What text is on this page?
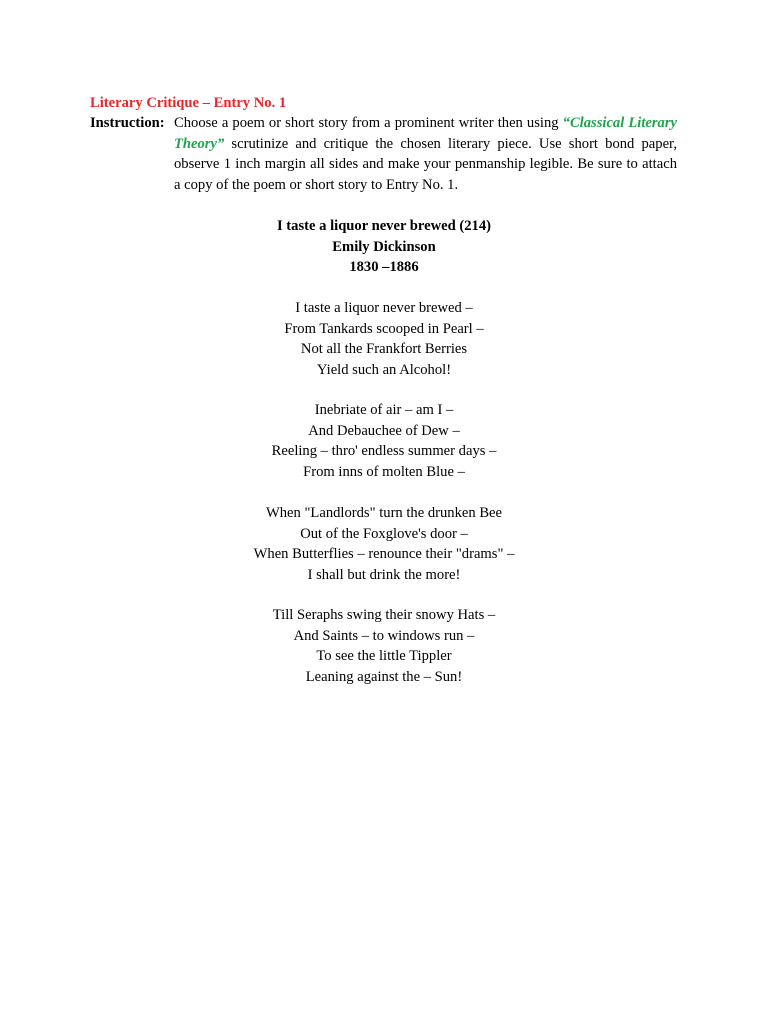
Literary Critique – Entry No. 1
Instruction: Choose a poem or short story from a prominent writer then using “Classical Literary Theory” scrutinize and critique the chosen literary piece. Use short bond paper, observe 1 inch margin all sides and make your penmanship legible. Be sure to attach a copy of the poem or short story to Entry No. 1.
I taste a liquor never brewed (214)
Emily Dickinson
1830 –1886
I taste a liquor never brewed –
From Tankards scooped in Pearl –
Not all the Frankfort Berries
Yield such an Alcohol!
Inebriate of air – am I –
And Debauchee of Dew –
Reeling – thro' endless summer days –
From inns of molten Blue –
When "Landlords" turn the drunken Bee
Out of the Foxglove's door –
When Butterflies – renounce their "drams" –
I shall but drink the more!
Till Seraphs swing their snowy Hats –
And Saints – to windows run –
To see the little Tippler
Leaning against the – Sun!
